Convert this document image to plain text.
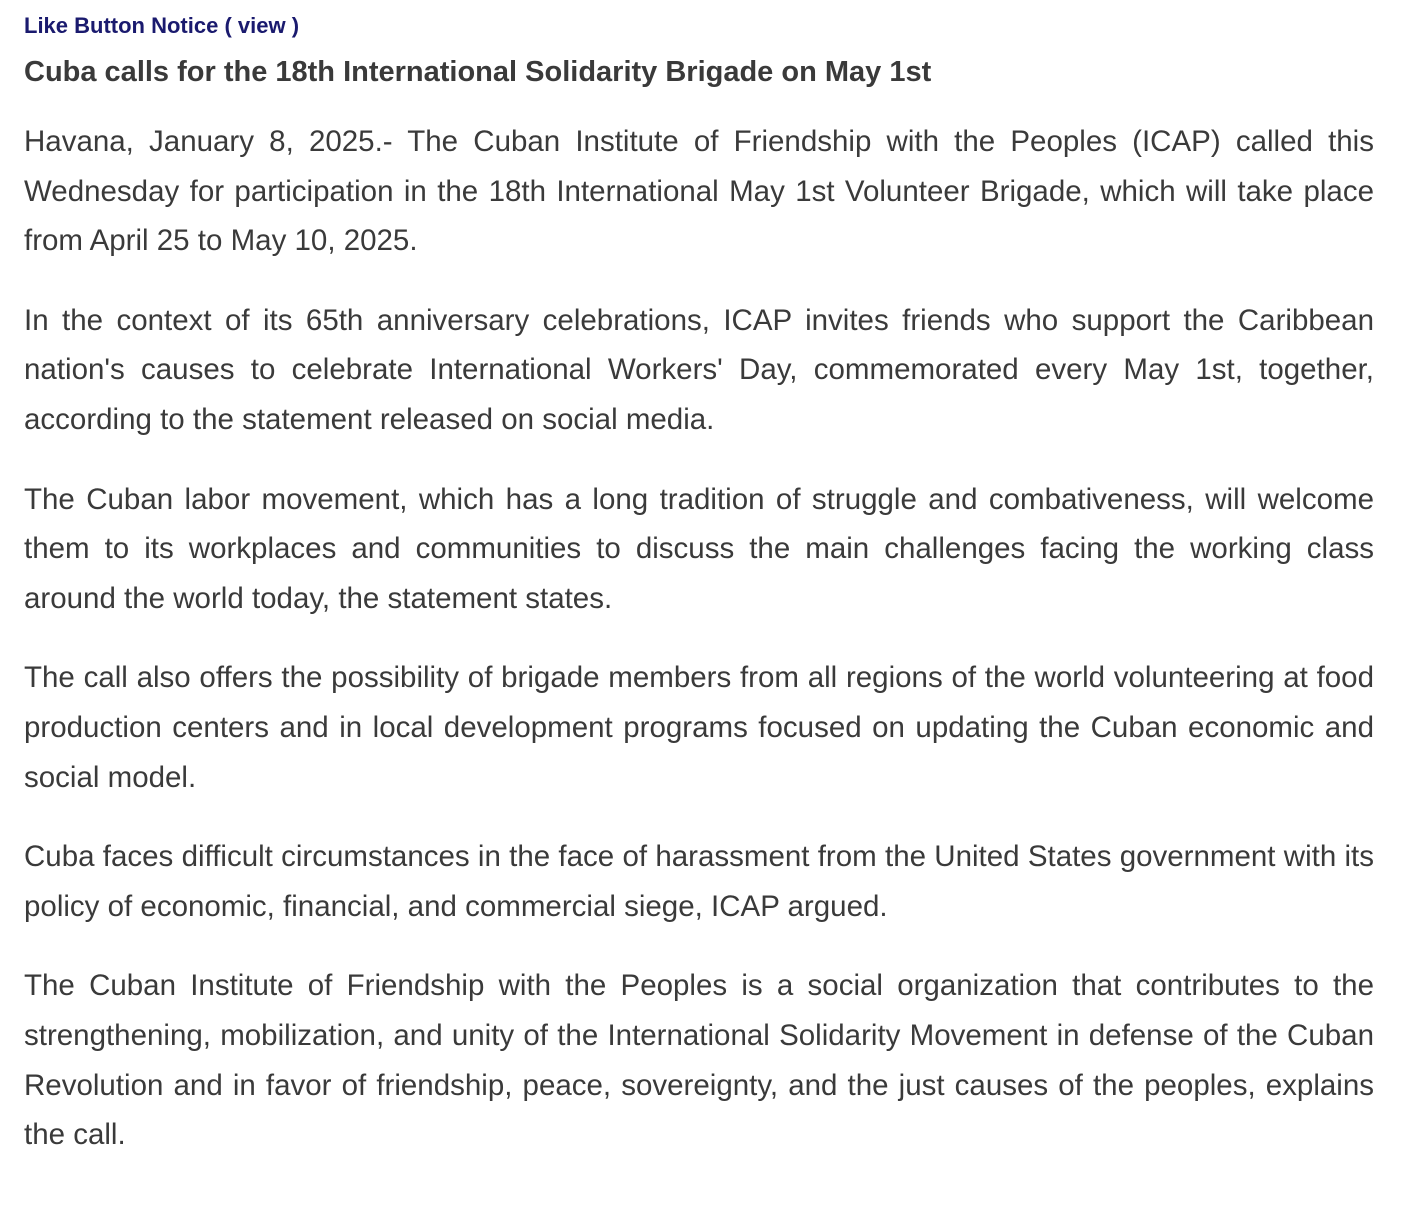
Like Button Notice ( view )
Cuba calls for the 18th International Solidarity Brigade on May 1st

Havana, January 8, 2025.- The Cuban Institute of Friendship with the Peoples (ICAP) called this Wednesday for participation in the 18th International May 1st Volunteer Brigade, which will take place from April 25 to May 10, 2025.

In the context of its 65th anniversary celebrations, ICAP invites friends who support the Caribbean nation's causes to celebrate International Workers' Day, commemorated every May 1st, together, according to the statement released on social media.

The Cuban labor movement, which has a long tradition of struggle and combativeness, will welcome them to its workplaces and communities to discuss the main challenges facing the working class around the world today, the statement states.

The call also offers the possibility of brigade members from all regions of the world volunteering at food production centers and in local development programs focused on updating the Cuban economic and social model.

Cuba faces difficult circumstances in the face of harassment from the United States government with its policy of economic, financial, and commercial siege, ICAP argued.

The Cuban Institute of Friendship with the Peoples is a social organization that contributes to the strengthening, mobilization, and unity of the International Solidarity Movement in defense of the Cuban Revolution and in favor of friendship, peace, sovereignty, and the just causes of the peoples, explains the call.
